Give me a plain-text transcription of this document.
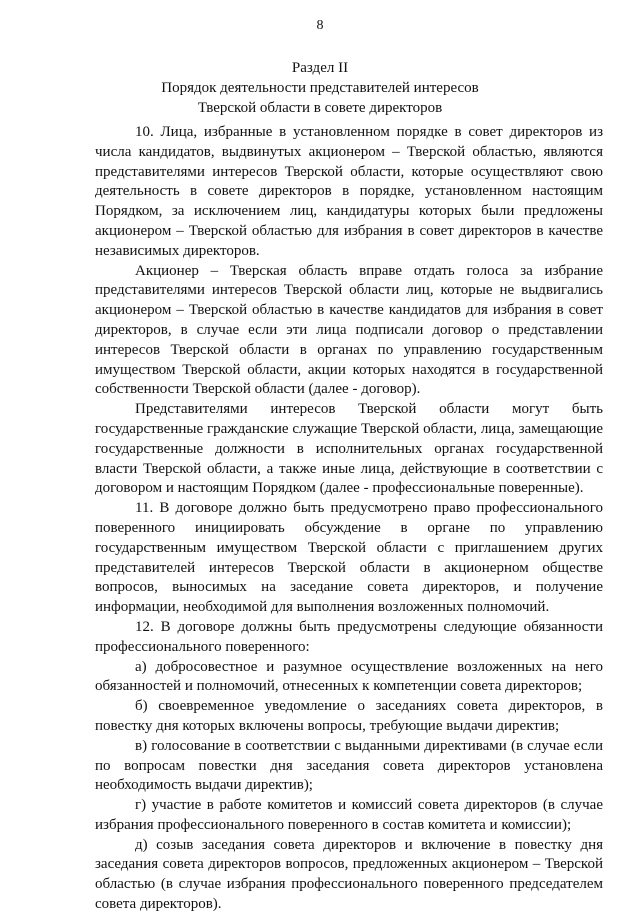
8
Раздел II
Порядок деятельности представителей интересов
Тверской области в совете директоров

10. Лица, избранные в установленном порядке в совет директоров из числа кандидатов, выдвинутых акционером – Тверской областью, являются представителями интересов Тверской области, которые осуществляют свою деятельность в совете директоров в порядке, установленном настоящим Порядком, за исключением лиц, кандидатуры которых были предложены акционером – Тверской областью для избрания в совет директоров в качестве независимых директоров.

Акционер – Тверская область вправе отдать голоса за избрание представителями интересов Тверской области лиц, которые не выдвигались акционером – Тверской областью в качестве кандидатов для избрания в совет директоров, в случае если эти лица подписали договор о представлении интересов Тверской области в органах по управлению государственным имуществом Тверской области, акции которых находятся в государственной собственности Тверской области (далее - договор).

Представителями интересов Тверской области могут быть государственные гражданские служащие Тверской области, лица, замещающие государственные должности в исполнительных органах государственной власти Тверской области, а также иные лица, действующие в соответствии с договором и настоящим Порядком (далее - профессиональные поверенные).

11. В договоре должно быть предусмотрено право профессионального поверенного инициировать обсуждение в органе по управлению государственным имуществом Тверской области с приглашением других представителей интересов Тверской области в акционерном обществе вопросов, выносимых на заседание совета директоров, и получение информации, необходимой для выполнения возложенных полномочий.

12. В договоре должны быть предусмотрены следующие обязанности профессионального поверенного:

а) добросовестное и разумное осуществление возложенных на него обязанностей и полномочий, отнесенных к компетенции совета директоров;

б) своевременное уведомление о заседаниях совета директоров, в повестку дня которых включены вопросы, требующие выдачи директив;

в) голосование в соответствии с выданными директивами (в случае если по вопросам повестки дня заседания совета директоров установлена необходимость выдачи директив);

г) участие в работе комитетов и комиссий совета директоров (в случае избрания профессионального поверенного в состав комитета и комиссии);

д) созыв заседания совета директоров и включение в повестку дня заседания совета директоров вопросов, предложенных акционером – Тверской областью (в случае избрания профессионального поверенного председателем совета директоров).
